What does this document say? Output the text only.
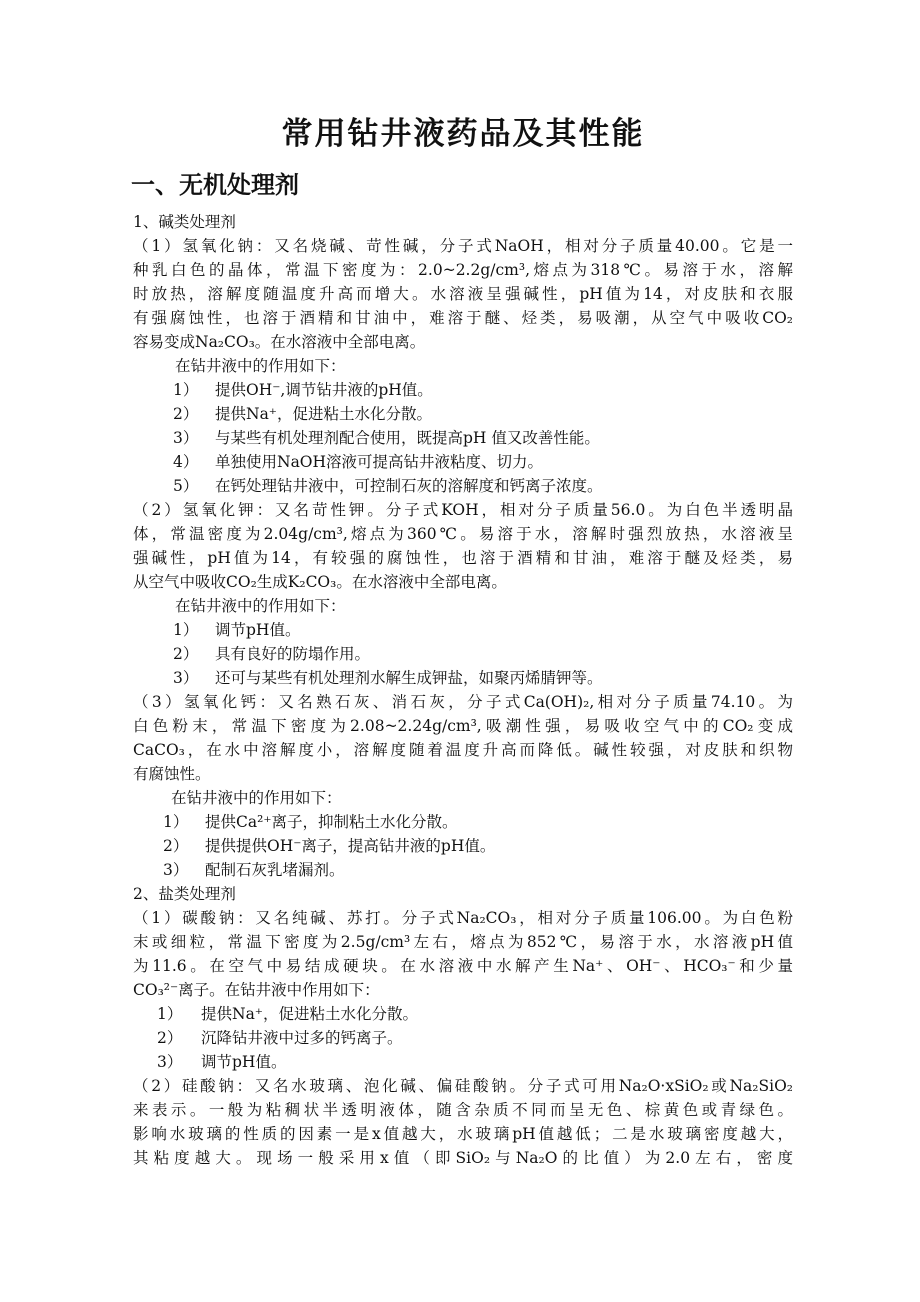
常用钻井液药品及其性能
一、无机处理剂
1、碱类处理剂
（1）氢氧化钠：又名烧碱、苛性碱，分子式NaOH，相对分子质量40.00。它是一
种乳白色的晶体，常温下密度为：2.0~2.2g/cm³,熔点为318℃。易溶于水，溶解
时放热，溶解度随温度升高而增大。水溶液呈强碱性，pH值为14，对皮肤和衣服
有强腐蚀性，也溶于酒精和甘油中，难溶于醚、烃类，易吸潮，从空气中吸收CO₂
容易变成Na₂CO₃。在水溶液中全部电离。
在钻井液中的作用如下：
1） 提供OH⁻,调节钻井液的pH值。
2） 提供Na⁺，促进粘土水化分散。
3） 与某些有机处理剂配合使用，既提高pH 值又改善性能。
4） 单独使用NaOH溶液可提高钻井液粘度、切力。
5） 在钙处理钻井液中，可控制石灰的溶解度和钙离子浓度。
（2）氢氧化钾：又名苛性钾。分子式KOH，相对分子质量56.0。为白色半透明晶
体，常温密度为2.04g/cm³,熔点为360℃。易溶于水，溶解时强烈放热，水溶液呈
强碱性，pH值为14，有较强的腐蚀性，也溶于酒精和甘油，难溶于醚及烃类，易
从空气中吸收CO₂生成K₂CO₃。在水溶液中全部电离。
在钻井液中的作用如下：
1） 调节pH值。
2） 具有良好的防塌作用。
3） 还可与某些有机处理剂水解生成钾盐，如聚丙烯腈钾等。
（3）氢氧化钙：又名熟石灰、消石灰，分子式Ca(OH)₂,相对分子质量74.10。为
白色粉末，常温下密度为2.08~2.24g/cm³,吸潮性强，易吸收空气中的CO₂变成
CaCO₃，在水中溶解度小，溶解度随着温度升高而降低。碱性较强，对皮肤和织物
有腐蚀性。
在钻井液中的作用如下：
1） 提供Ca²⁺离子，抑制粘土水化分散。
2） 提供提供OH⁻离子，提高钻井液的pH值。
3） 配制石灰乳堵漏剂。
2、盐类处理剂
（1）碳酸钠：又名纯碱、苏打。分子式Na₂CO₃，相对分子质量106.00。为白色粉
末或细粒，常温下密度为2.5g/cm³左右，熔点为852℃，易溶于水，水溶液pH值
为11.6。在空气中易结成硬块。在水溶液中水解产生Na⁺、OH⁻、HCO₃⁻和少量
CO₃²⁻离子。在钻井液中作用如下：
1） 提供Na⁺，促进粘土水化分散。
2） 沉降钻井液中过多的钙离子。
3） 调节pH值。
（2）硅酸钠：又名水玻璃、泡化碱、偏硅酸钠。分子式可用Na₂O·xSiO₂或Na₂SiO₂
来表示。一般为粘稠状半透明液体，随含杂质不同而呈无色、棕黄色或青绿色。
影响水玻璃的性质的因素一是x值越大，水玻璃pH值越低；二是水玻璃密度越大，
其粘度越大。现场一般采用x值（即SiO₂与Na₂O的比值）为2.0左右，密度
